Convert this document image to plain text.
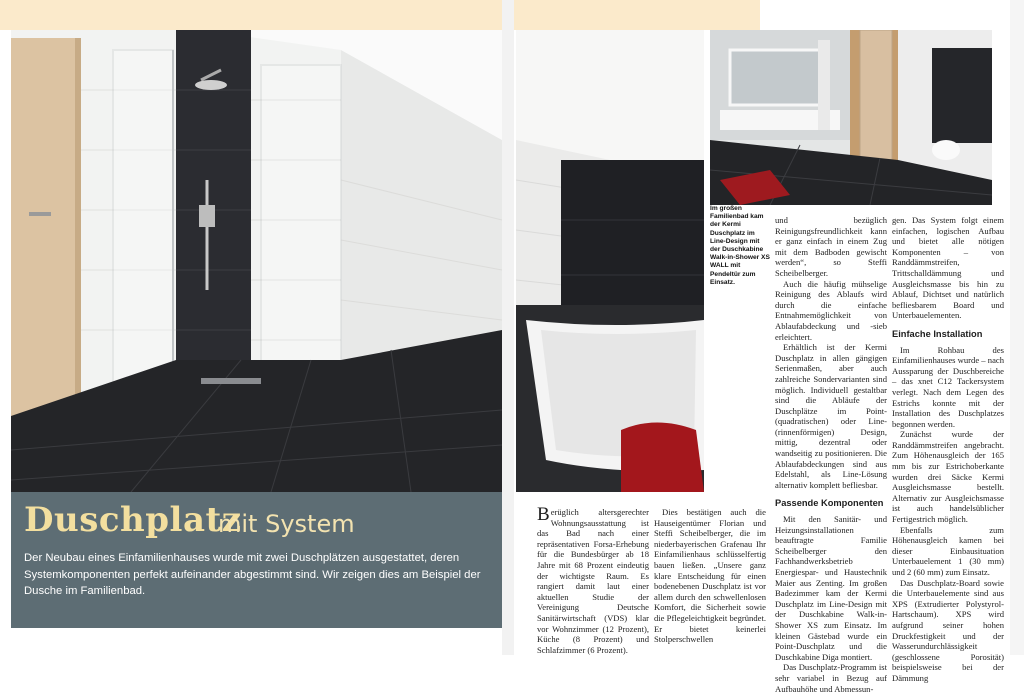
Im großen Familienbad kam der Kermi Duschplatz im Line-Design mit der Duschkabine Walk-in-Shower XS WALL mit Pendeltür zum Einsatz.
Duschplatz
mit System
Der Neubau eines Einfamilienhauses wurde mit zwei Duschplätzen ausgestattet, deren Systemkomponenten perfekt aufeinander abgestimmt sind. Wir zeigen dies am Beispiel der Dusche im Familienbad.

Berüglich altersgerechter Wohnungsausstattung ist das Bad nach einer repräsentativen Forsa-Erhebung für die Bundesbürger ab 18 Jahre mit 68 Prozent eindeutig der wichtigste Raum. Es rangiert damit laut einer aktuellen Studie der Vereinigung Deutsche Sanitärwirtschaft (VDS) klar vor Wohnzimmer (12 Prozent), Küche (8 Prozent) und Schlafzimmer (6 Prozent).

Dies bestätigen auch die Hauseigentümer Florian und Steffi Scheibelberger, die im niederbayerischen Grafenau Ihr Einfamilienhaus schlüsselfertig bauen ließen. „Unsere ganz klare Entscheidung für einen bodenebenen Duschplatz ist vor allem durch den schwellenlosen Komfort, die Sicherheit sowie die Pflegeleichtigkeit begründet. Er bietet keinerlei Stolperschwellen

und bezüglich Reinigungsfreundlichkeit kann er ganz einfach in einem Zug mit dem Badboden gewischt werden“, so Steffi Scheibelberger.

Auch die häufig mühselige Reinigung des Ablaufs wird durch die einfache Entnahmemöglichkeit von Ablaufabdeckung und -sieb erleichtert.

Erhältlich ist der Kermi Duschplatz in allen gängigen Serienmaßen, aber auch zahlreiche Sondervarianten sind möglich. Individuell gestaltbar sind die Abläufe der Duschplätze im Point- (quadratischen) oder Line- (rinnenförmigen) Design, mittig, dezentral oder wandseitig zu positionieren. Die Ablaufabdeckungen sind aus Edelstahl, als Line-Lösung alternativ komplett befliesbar.

Passende Komponenten

Mit den Sanitär- und Heizungsinstallationen beauftragte Familie Scheibelberger den Fachhandwerksbetrieb Energiespar- und Haustechnik Maier aus Zenting. Im großen Badezimmer kam der Kermi Duschplatz im Line-Design mit der Duschkabine Walk-in-Shower XS zum Einsatz. Im kleinen Gästebad wurde ein Point-Duschplatz und die Duschkabine Diga montiert.

Das Duschplatz-Programm ist sehr variabel in Bezug auf Aufbauhöhe und Abmessun-

gen. Das System folgt einem einfachen, logischen Aufbau und bietet alle nötigen Komponenten – von Randdämmstreifen, Trittschalldämmung und Ausgleichsmasse bis hin zu Ablauf, Dichtset und natürlich befliesbarem Board und Unterbauelementen.

Einfache Installation

Im Rohbau des Einfamilienhauses wurde – nach Aussparung der Duschbereiche – das xnet C12 Tackersystem verlegt. Nach dem Legen des Estrichs konnte mit der Installation des Duschplatzes begonnen werden.

Zunächst wurde der Randdämmstreifen angebracht. Zum Höhenausgleich der 165 mm bis zur Estrichoberkante wurden drei Säcke Kermi Ausgleichsmasse bestellt. Alternativ zur Ausgleichsmasse ist auch handelsüblicher Fertigestrich möglich.

Ebenfalls zum Höhenausgleich kamen bei dieser Einbausituation Unterbauelement 1 (30 mm) und 2 (60 mm) zum Einsatz.

Das Duschplatz-Board sowie die Unterbauelemente sind aus XPS (Extrudierter Polystyrol-Hartschaum). XPS wird aufgrund seiner hohen Druckfestigkeit und der Wasserundurchlässigkeit (geschlossene Porosität) beispielsweise bei der Dämmung
